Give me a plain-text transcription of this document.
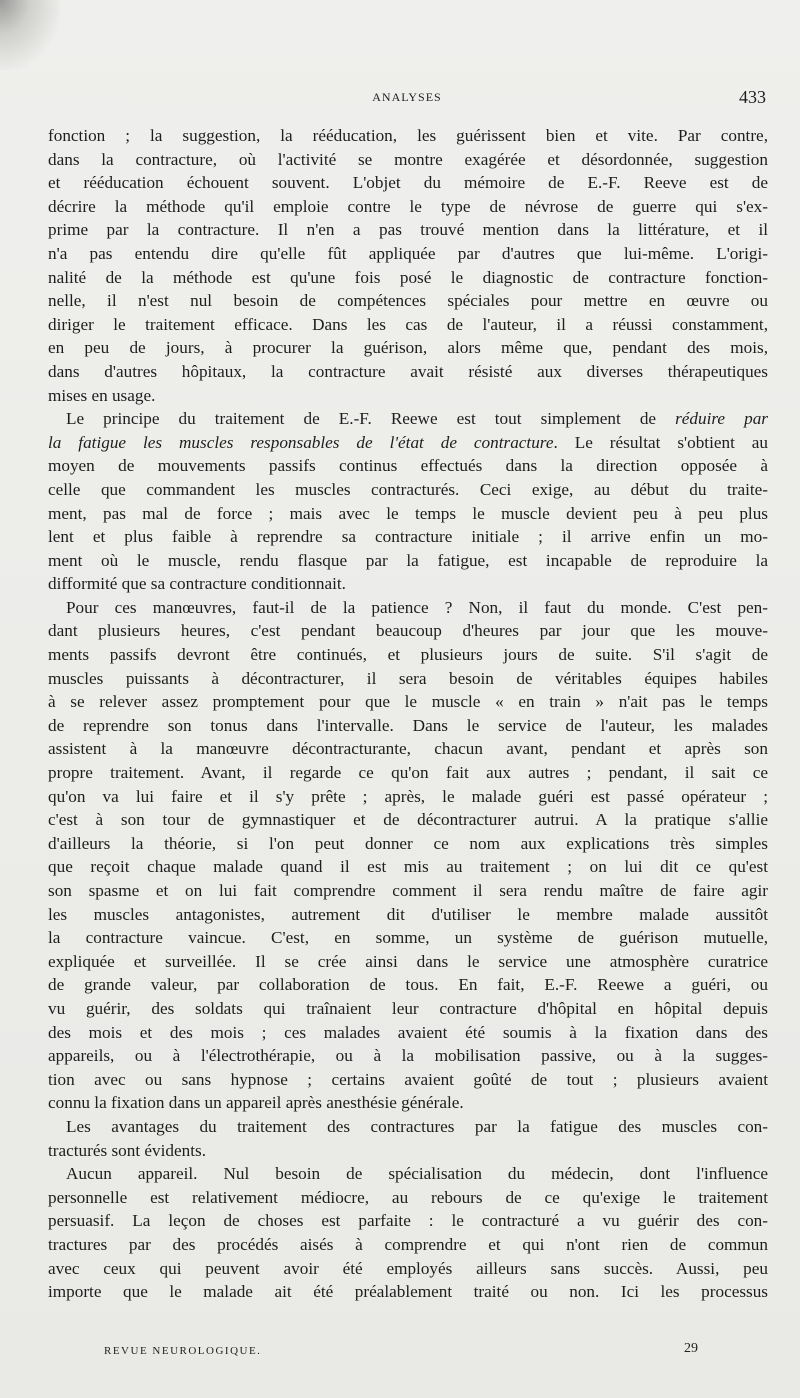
ANALYSES	433
fonction ; la suggestion, la rééducation, les guérissent bien et vite. Par contre,
dans la contracture, où l'activité se montre exagérée et désordonnée, suggestion
et rééducation échouent souvent. L'objet du mémoire de E.-F. Reeve est de
décrire la méthode qu'il emploie contre le type de névrose de guerre qui s'ex-
prime par la contracture. Il n'en a pas trouvé mention dans la littérature, et il
n'a pas entendu dire qu'elle fût appliquée par d'autres que lui-même. L'origi-
nalité de la méthode est qu'une fois posé le diagnostic de contracture fonction-
nelle, il n'est nul besoin de compétences spéciales pour mettre en œuvre ou
diriger le traitement efficace. Dans les cas de l'auteur, il a réussi constamment,
en peu de jours, à procurer la guérison, alors même que, pendant des mois,
dans d'autres hôpitaux, la contracture avait résisté aux diverses thérapeutiques
mises en usage.
Le principe du traitement de E.-F. Reewe est tout simplement de réduire par
la fatigue les muscles responsables de l'état de contracture. Le résultat s'obtient au
moyen de mouvements passifs continus effectués dans la direction opposée à
celle que commandent les muscles contracturés. Ceci exige, au début du traite-
ment, pas mal de force ; mais avec le temps le muscle devient peu à peu plus
lent et plus faible à reprendre sa contracture initiale ; il arrive enfin un mo-
ment où le muscle, rendu flasque par la fatigue, est incapable de reproduire la
difformité que sa contracture conditionnait.
Pour ces manœuvres, faut-il de la patience ? Non, il faut du monde. C'est pen-
dant plusieurs heures, c'est pendant beaucoup d'heures par jour que les mouve-
ments passifs devront être continués, et plusieurs jours de suite. S'il s'agit de
muscles puissants à décontracturer, il sera besoin de véritables équipes habiles
à se relever assez promptement pour que le muscle « en train » n'ait pas le temps
de reprendre son tonus dans l'intervalle. Dans le service de l'auteur, les malades
assistent à la manœuvre décontracturante, chacun avant, pendant et après son
propre traitement. Avant, il regarde ce qu'on fait aux autres ; pendant, il sait ce
qu'on va lui faire et il s'y prête ; après, le malade guéri est passé opérateur ;
c'est à son tour de gymnastiquer et de décontracturer autrui. A la pratique s'allie
d'ailleurs la théorie, si l'on peut donner ce nom aux explications très simples
que reçoit chaque malade quand il est mis au traitement ; on lui dit ce qu'est
son spasme et on lui fait comprendre comment il sera rendu maître de faire agir
les muscles antagonistes, autrement dit d'utiliser le membre malade aussitôt
la contracture vaincue. C'est, en somme, un système de guérison mutuelle,
expliquée et surveillée. Il se crée ainsi dans le service une atmosphère curatrice
de grande valeur, par collaboration de tous. En fait, E.-F. Reewe a guéri, ou
vu guérir, des soldats qui traînaient leur contracture d'hôpital en hôpital depuis
des mois et des mois ; ces malades avaient été soumis à la fixation dans des
appareils, ou à l'électrothérapie, ou à la mobilisation passive, ou à la sugges-
tion avec ou sans hypnose ; certains avaient goûté de tout ; plusieurs avaient
connu la fixation dans un appareil après anesthésie générale.
Les avantages du traitement des contractures par la fatigue des muscles con-
tracturés sont évidents.
Aucun appareil. Nul besoin de spécialisation du médecin, dont l'influence
personnelle est relativement médiocre, au rebours de ce qu'exige le traitement
persuasif. La leçon de choses est parfaite : le contracturé a vu guérir des con-
tractures par des procédés aisés à comprendre et qui n'ont rien de commun
avec ceux qui peuvent avoir été employés ailleurs sans succès. Aussi, peu
importe que le malade ait été préalablement traité ou non. Ici les processus
REVUE NEUROLOGIQUE.	29
